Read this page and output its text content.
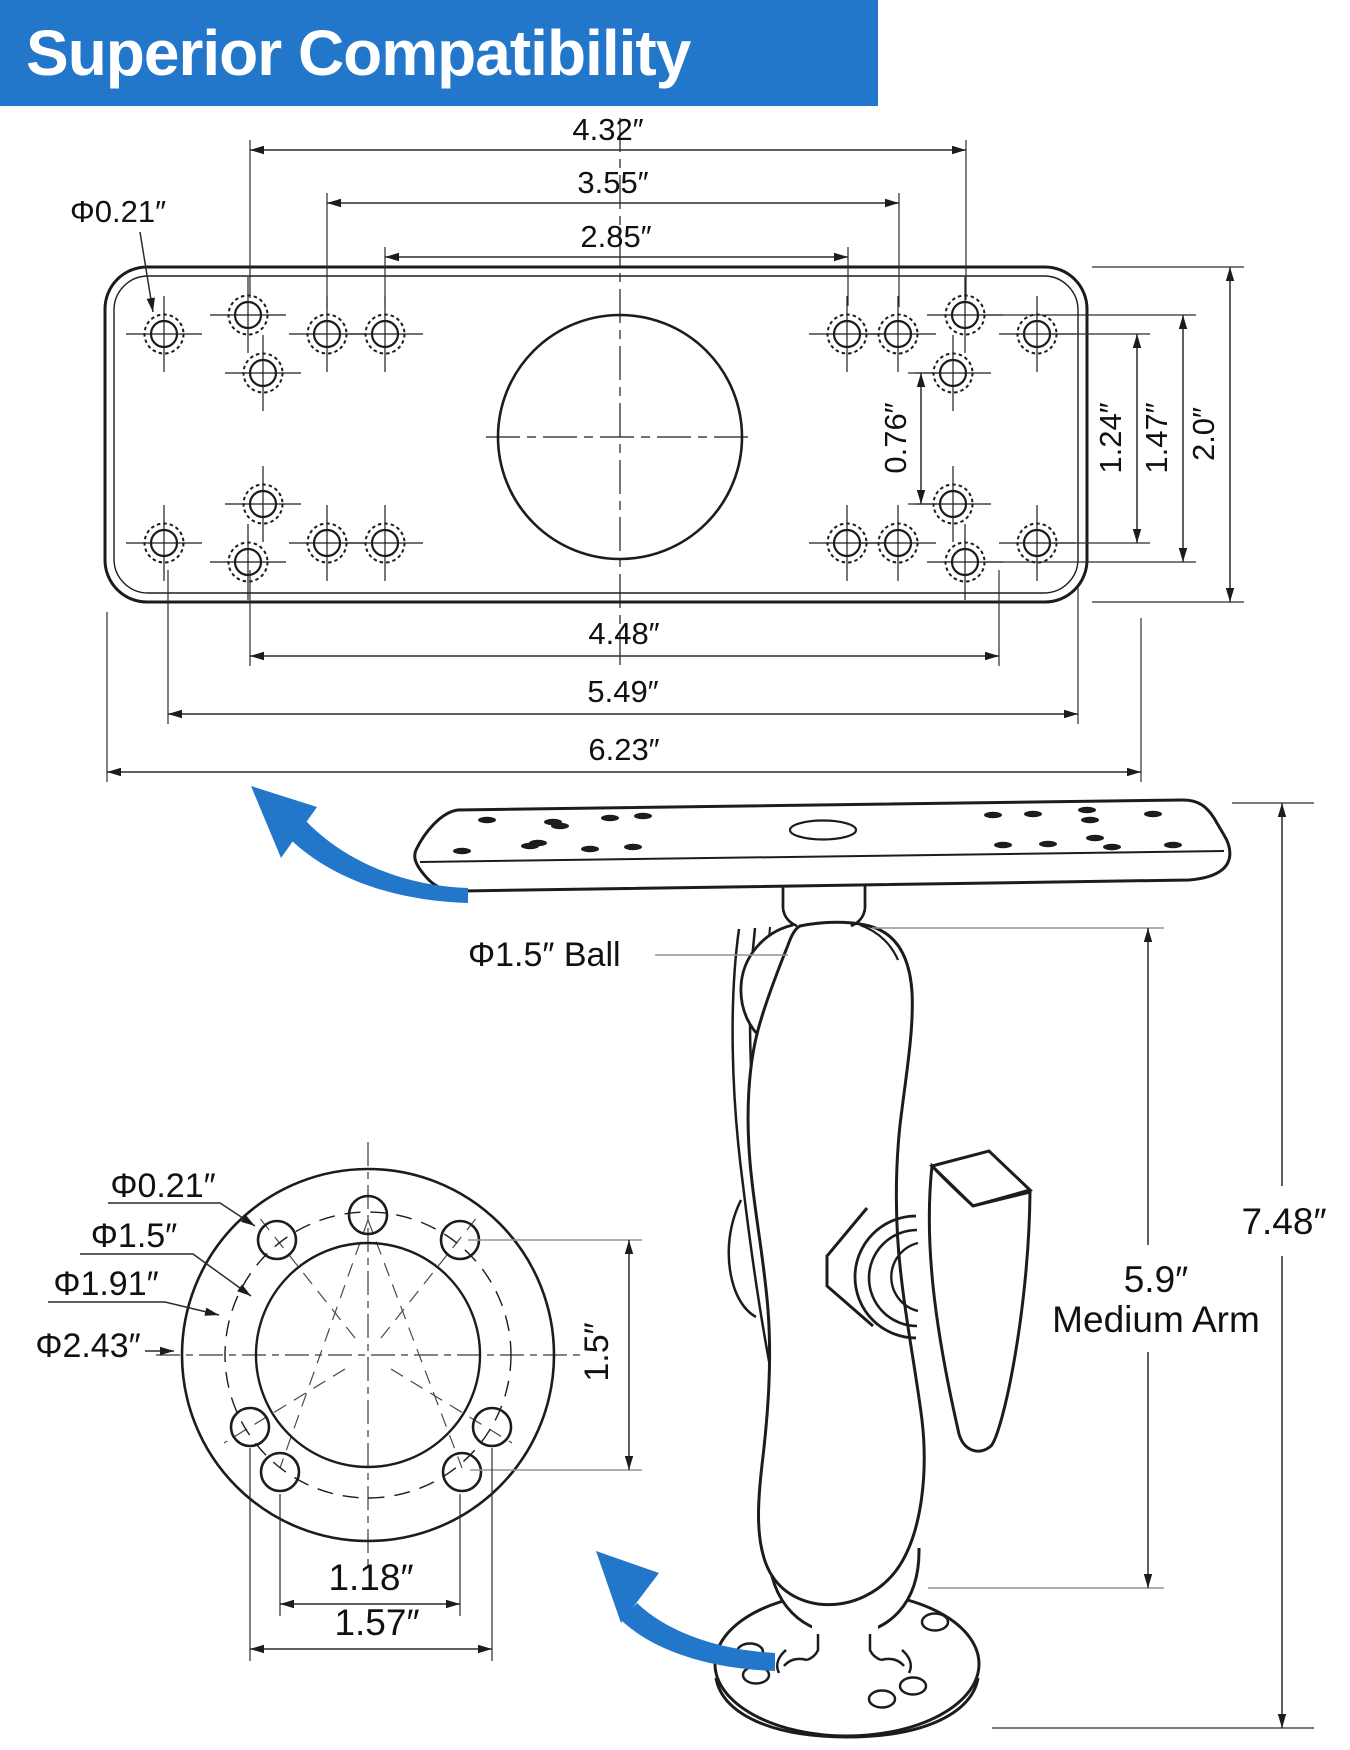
Superior Compatibility
Φ0.21″
4.32″
3.55″
2.85″
0.76″	1.24″ 1.47″ 2.0″
4.48″
5.49″
6.23″
Φ1.5″ Ball
5.9″
Medium Arm
7.48″
Φ0.21″
Φ1.5″
Φ1.91″
Φ2.43″	1.5″
1.18″
1.57″
